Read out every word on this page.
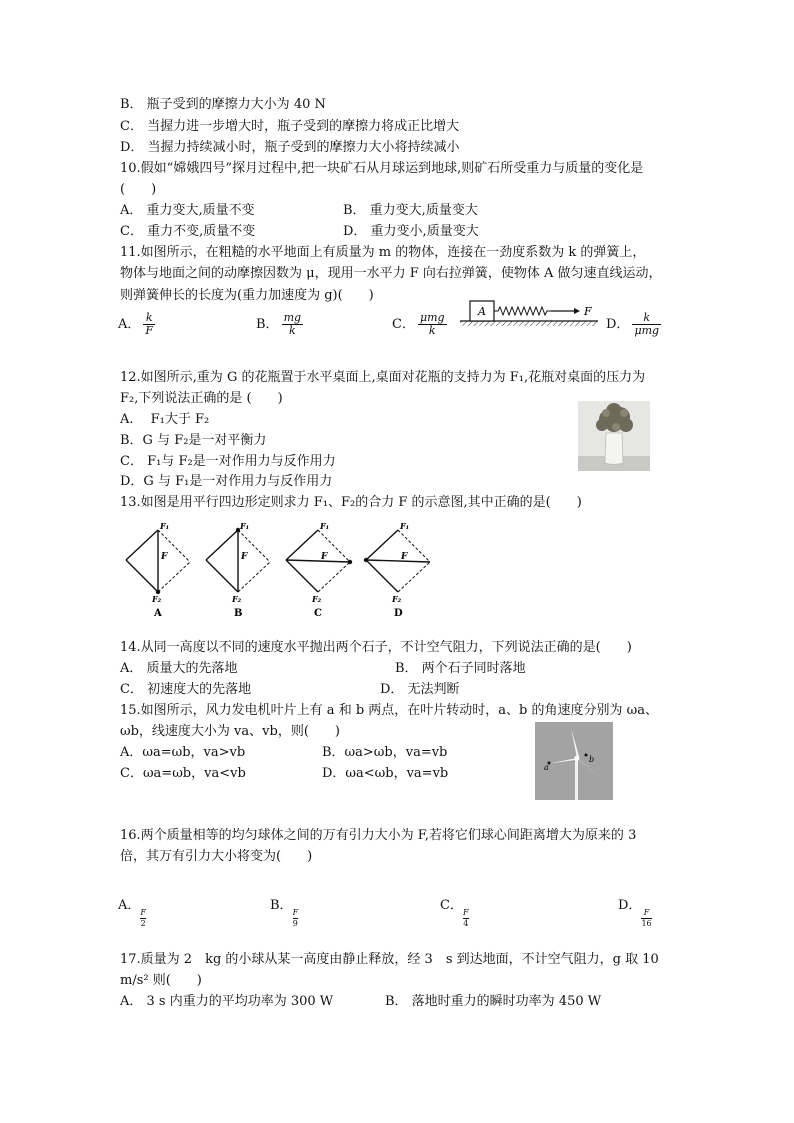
B． 瓶子受到的摩擦力大小为 40 N
C． 当握力进一步增大时，瓶子受到的摩擦力将成正比增大
D． 当握力持续减小时，瓶子受到的摩擦力大小将持续减小
10.假如“嫦娥四号”探月过程中,把一块矿石从月球运到地球,则矿石所受重力与质量的变化是
(　　)
A． 重力变大,质量不变	B． 重力变大,质量变大
C． 重力不变,质量不变	D． 重力变小,质量变大
11.如图所示，在粗糙的水平地面上有质量为 m 的物体，连接在一劲度系数为 k 的弹簧上，
物体与地面之间的动摩擦因数为 μ，现用一水平力 F 向右拉弹簧，使物体 A 做匀速直线运动，
则弹簧伸长的长度为(重力加速度为 g)(　　)
A． $\frac{k}{F}$	B． $\frac{mg}{k}$	C． $\frac{\text{μmg}}{k}$	D． $\frac{k}{\text{μmg}}$
A	F
12.如图所示,重为 G 的花瓶置于水平桌面上,桌面对花瓶的支持力为 F₁,花瓶对桌面的压力为
F₂,下列说法正确的是 (　　)
A.　 F₁大于 F₂
B．G 与 F₂是一对平衡力
C． F₁与 F₂是一对作用力与反作用力
D．G 与 F₁是一对作用力与反作用力
13.如图是用平行四边形定则求力 F₁、F₂的合力 F 的示意图,其中正确的是(　　)
F₁
F₂
F
A
F₁
F₂
F
B
F₁
F₂
F
C
F₁
F₂
F
D
14.从同一高度以不同的速度水平抛出两个石子，不计空气阻力，下列说法正确的是(　　)
A． 质量大的先落地	B． 两个石子同时落地
C． 初速度大的先落地	D． 无法判断
15.如图所示，风力发电机叶片上有 a 和 b 两点，在叶片转动时，a、b 的角速度分别为 ωa、
ωb，线速度大小为 va、vb，则(　　)
A．ωa=ωb，va>vb	B．ωa>ωb，va=vb
C．ωa=ωb，va<vb	D．ωa<ωb，va=vb	a
b
16.两个质量相等的均匀球体之间的万有引力大小为 F,若将它们球心间距离增大为原来的 3
倍，其万有引力大小将变为(　　)
A．
$\frac{F}{2}$
B．
$\frac{F}{9}$
C．
$\frac{F}{4}$
D．
$\frac{F}{16}$
17.质量为 2　kg 的小球从某一高度由静止释放，经 3　s 到达地面，不计空气阻力，g 取 10
m/s² 则(　　)
A． 3 s 内重力的平均功率为 300 W	B． 落地时重力的瞬时功率为 450 W
